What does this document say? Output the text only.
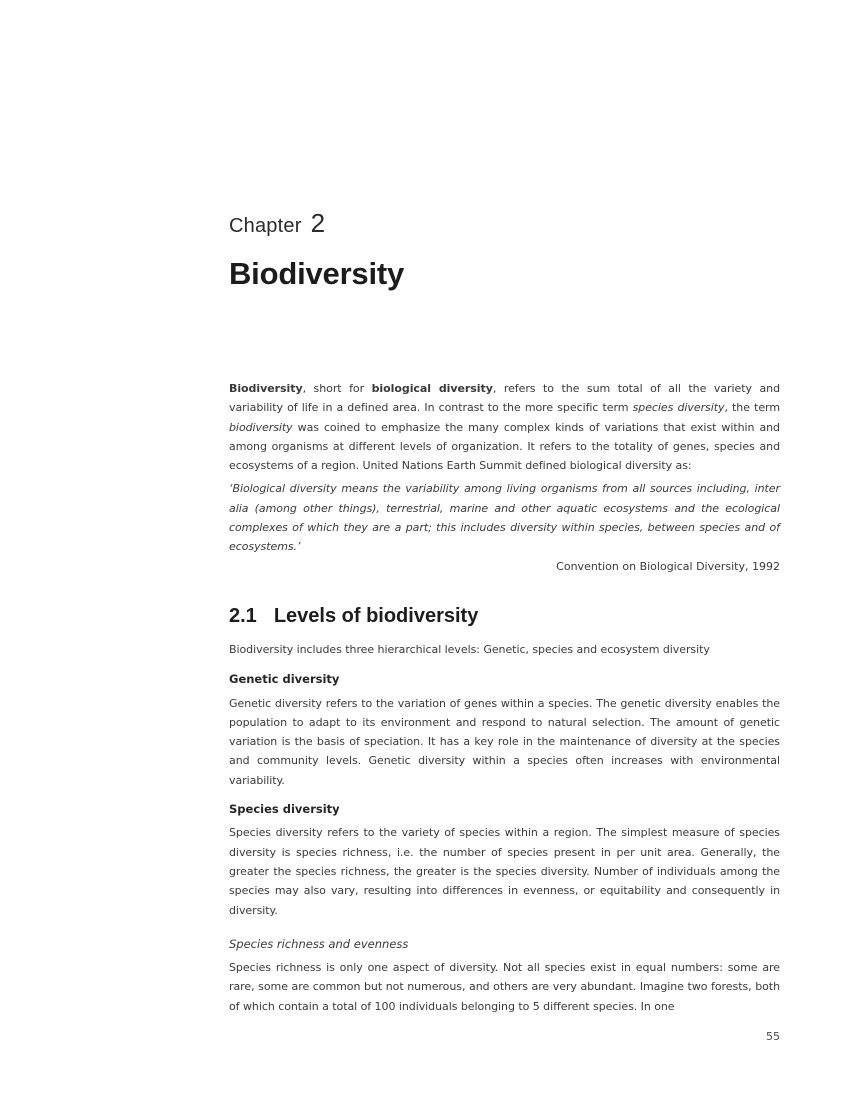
Chapter 2
Biodiversity

Biodiversity, short for biological diversity, refers to the sum total of all the variety and variability of life in a defined area. In contrast to the more specific term species diversity, the term biodiversity was coined to emphasize the many complex kinds of variations that exist within and among organisms at different levels of organization. It refers to the totality of genes, species and ecosystems of a region. United Nations Earth Summit defined biological diversity as:

‘Biological diversity means the variability among living organisms from all sources including, inter alia (among other things), terrestrial, marine and other aquatic ecosystems and the ecological complexes of which they are a part; this includes diversity within species, between species and of ecosystems.’

Convention on Biological Diversity, 1992
2.1 Levels of biodiversity

Biodiversity includes three hierarchical levels: Genetic, species and ecosystem diversity

Genetic diversity

Genetic diversity refers to the variation of genes within a species. The genetic diversity enables the population to adapt to its environment and respond to natural selection. The amount of genetic variation is the basis of speciation. It has a key role in the maintenance of diversity at the species and community levels. Genetic diversity within a species often increases with environmental variability.

Species diversity

Species diversity refers to the variety of species within a region. The simplest measure of species diversity is species richness, i.e. the number of species present in per unit area. Generally, the greater the species richness, the greater is the species diversity. Number of individuals among the species may also vary, resulting into differences in evenness, or equitability and consequently in diversity.

Species richness and evenness

Species richness is only one aspect of diversity. Not all species exist in equal numbers: some are rare, some are common but not numerous, and others are very abundant. Imagine two forests, both of which contain a total of 100 individuals belonging to 5 different species. In one

55
